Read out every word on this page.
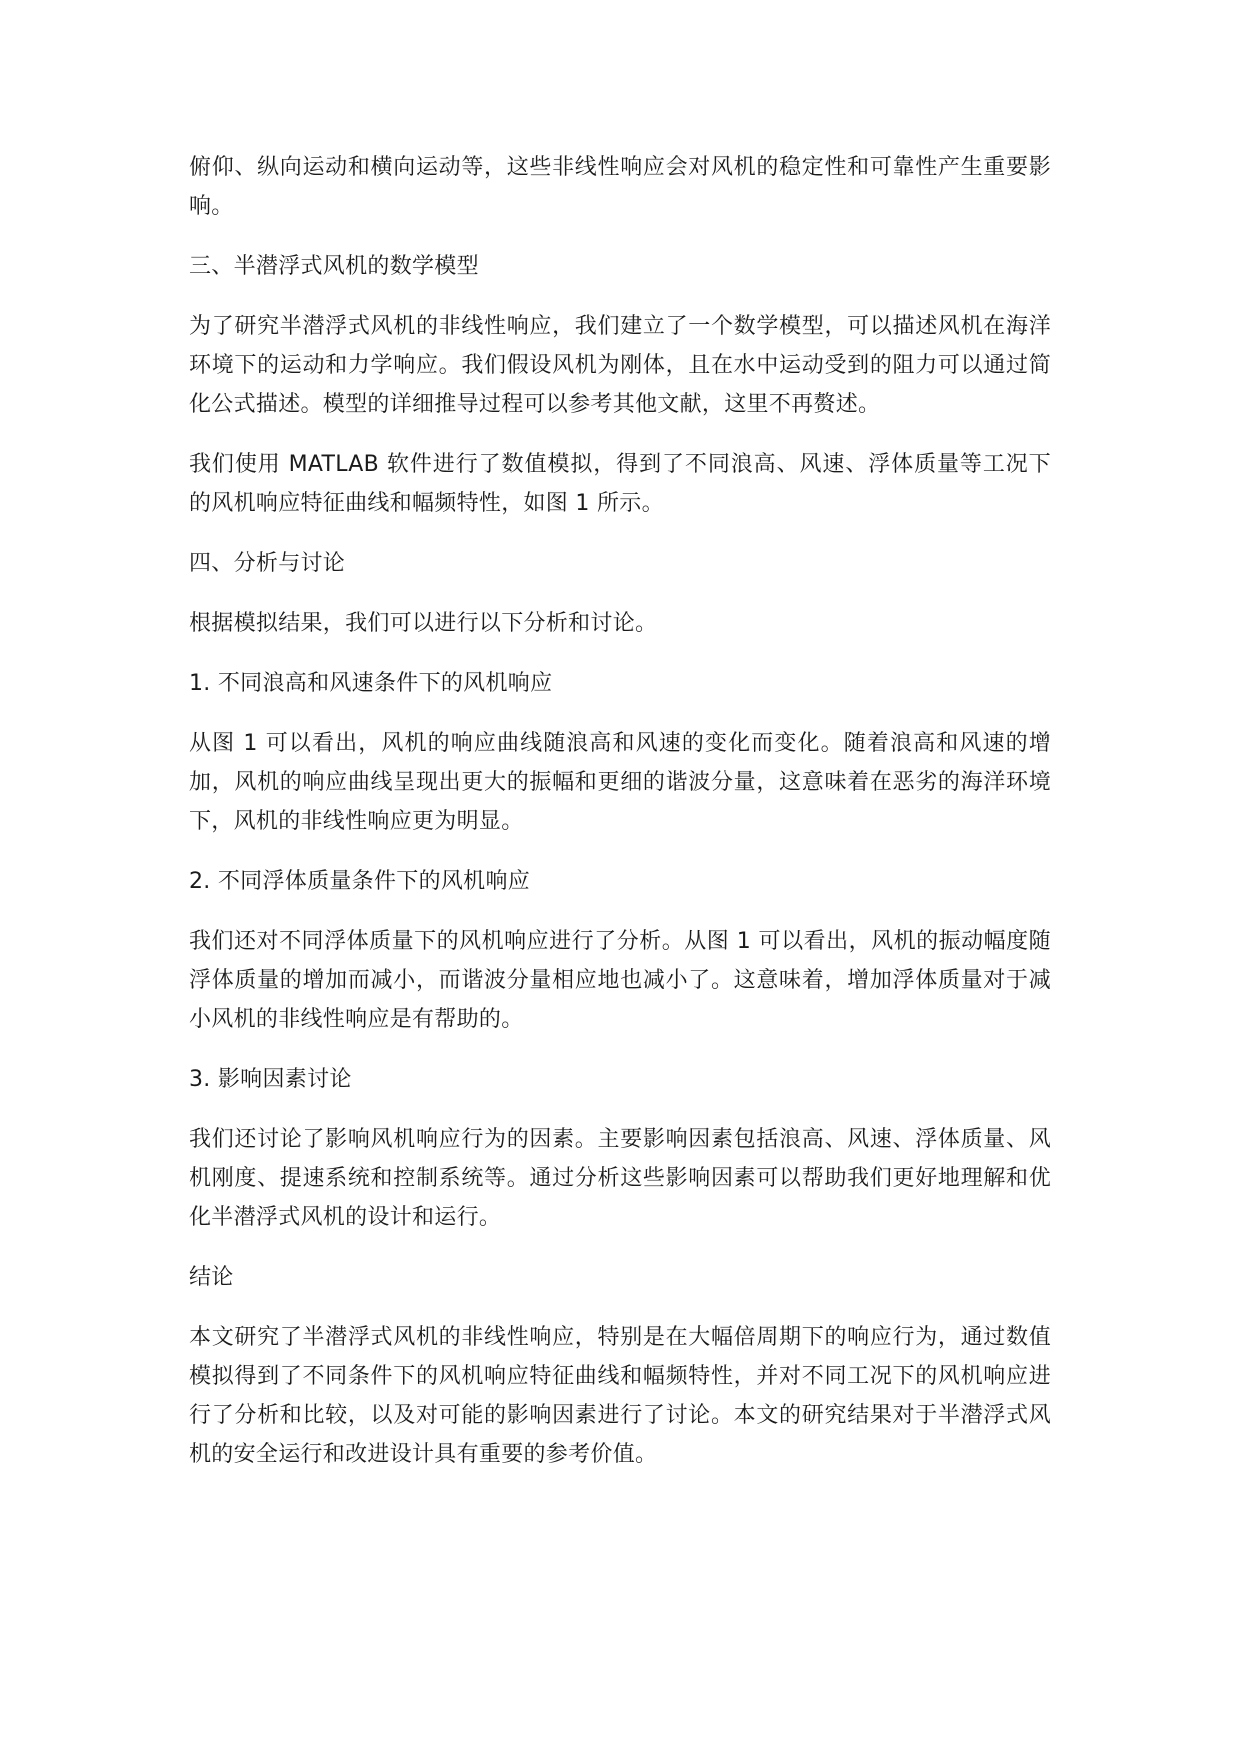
俯仰、纵向运动和横向运动等，这些非线性响应会对风机的稳定性和可靠性产生重要影响。

三、半潜浮式风机的数学模型

为了研究半潜浮式风机的非线性响应，我们建立了一个数学模型，可以描述风机在海洋环境下的运动和力学响应。我们假设风机为刚体，且在水中运动受到的阻力可以通过简化公式描述。模型的详细推导过程可以参考其他文献，这里不再赘述。

我们使用 MATLAB 软件进行了数值模拟，得到了不同浪高、风速、浮体质量等工况下的风机响应特征曲线和幅频特性，如图 1 所示。

四、分析与讨论

根据模拟结果，我们可以进行以下分析和讨论。

1. 不同浪高和风速条件下的风机响应

从图 1 可以看出，风机的响应曲线随浪高和风速的变化而变化。随着浪高和风速的增加，风机的响应曲线呈现出更大的振幅和更细的谐波分量，这意味着在恶劣的海洋环境下，风机的非线性响应更为明显。

2. 不同浮体质量条件下的风机响应

我们还对不同浮体质量下的风机响应进行了分析。从图 1 可以看出，风机的振动幅度随浮体质量的增加而减小，而谐波分量相应地也减小了。这意味着，增加浮体质量对于减小风机的非线性响应是有帮助的。

3. 影响因素讨论

我们还讨论了影响风机响应行为的因素。主要影响因素包括浪高、风速、浮体质量、风机刚度、提速系统和控制系统等。通过分析这些影响因素可以帮助我们更好地理解和优化半潜浮式风机的设计和运行。

结论

本文研究了半潜浮式风机的非线性响应，特别是在大幅倍周期下的响应行为，通过数值模拟得到了不同条件下的风机响应特征曲线和幅频特性，并对不同工况下的风机响应进行了分析和比较，以及对可能的影响因素进行了讨论。本文的研究结果对于半潜浮式风机的安全运行和改进设计具有重要的参考价值。
